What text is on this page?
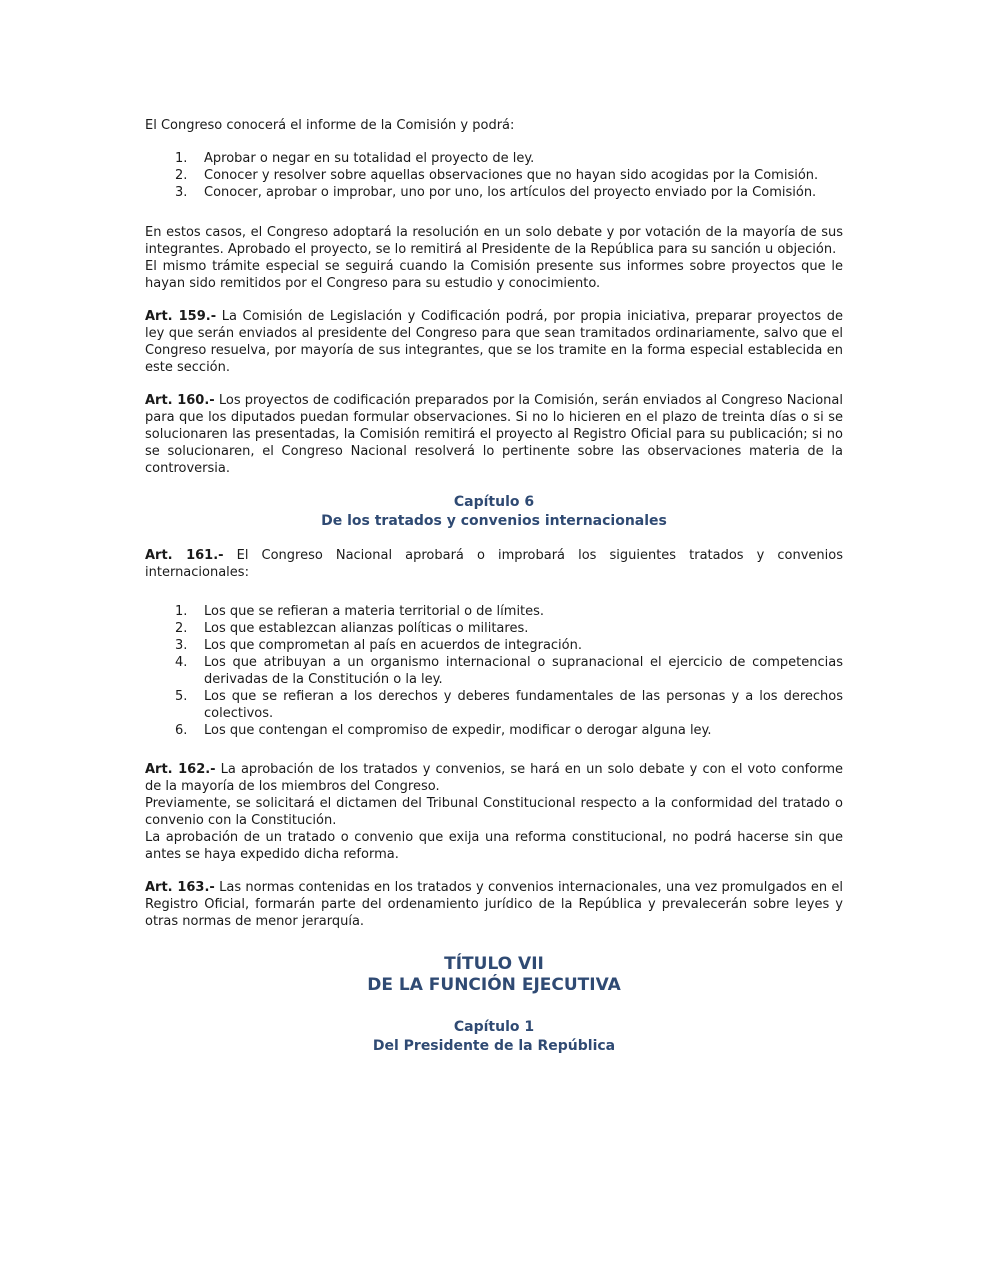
El Congreso conocerá el informe de la Comisión y podrá:

1. Aprobar o negar en su totalidad el proyecto de ley.
2. Conocer y resolver sobre aquellas observaciones que no hayan sido acogidas por la Comisión.
3. Conocer, aprobar o improbar, uno por uno, los artículos del proyecto enviado por la Comisión.

En estos casos, el Congreso adoptará la resolución en un solo debate y por votación de la mayoría de sus integrantes. Aprobado el proyecto, se lo remitirá al Presidente de la República para su sanción u objeción.

El mismo trámite especial se seguirá cuando la Comisión presente sus informes sobre proyectos que le hayan sido remitidos por el Congreso para su estudio y conocimiento.

Art. 159.- La Comisión de Legislación y Codificación podrá, por propia iniciativa, preparar proyectos de ley que serán enviados al presidente del Congreso para que sean tramitados ordinariamente, salvo que el Congreso resuelva, por mayoría de sus integrantes, que se los tramite en la forma especial establecida en este sección.

Art. 160.- Los proyectos de codificación preparados por la Comisión, serán enviados al Congreso Nacional para que los diputados puedan formular observaciones. Si no lo hicieren en el plazo de treinta días o si se solucionaren las presentadas, la Comisión remitirá el proyecto al Registro Oficial para su publicación; si no se solucionaren, el Congreso Nacional resolverá lo pertinente sobre las observaciones materia de la controversia.

Capítulo 6
De los tratados y convenios internacionales

Art. 161.- El Congreso Nacional aprobará o improbará los siguientes tratados y convenios internacionales:

1. Los que se refieran a materia territorial o de límites.
2. Los que establezcan alianzas políticas o militares.
3. Los que comprometan al país en acuerdos de integración.
4. Los que atribuyan a un organismo internacional o supranacional el ejercicio de competencias derivadas de la Constitución o la ley.
5. Los que se refieran a los derechos y deberes fundamentales de las personas y a los derechos colectivos.
6. Los que contengan el compromiso de expedir, modificar o derogar alguna ley.

Art. 162.- La aprobación de los tratados y convenios, se hará en un solo debate y con el voto conforme de la mayoría de los miembros del Congreso.

Previamente, se solicitará el dictamen del Tribunal Constitucional respecto a la conformidad del tratado o convenio con la Constitución.

La aprobación de un tratado o convenio que exija una reforma constitucional, no podrá hacerse sin que antes se haya expedido dicha reforma.

Art. 163.- Las normas contenidas en los tratados y convenios internacionales, una vez promulgados en el Registro Oficial, formarán parte del ordenamiento jurídico de la República y prevalecerán sobre leyes y otras normas de menor jerarquía.

TÍTULO VII
DE LA FUNCIÓN EJECUTIVA
Capítulo 1
Del Presidente de la República
